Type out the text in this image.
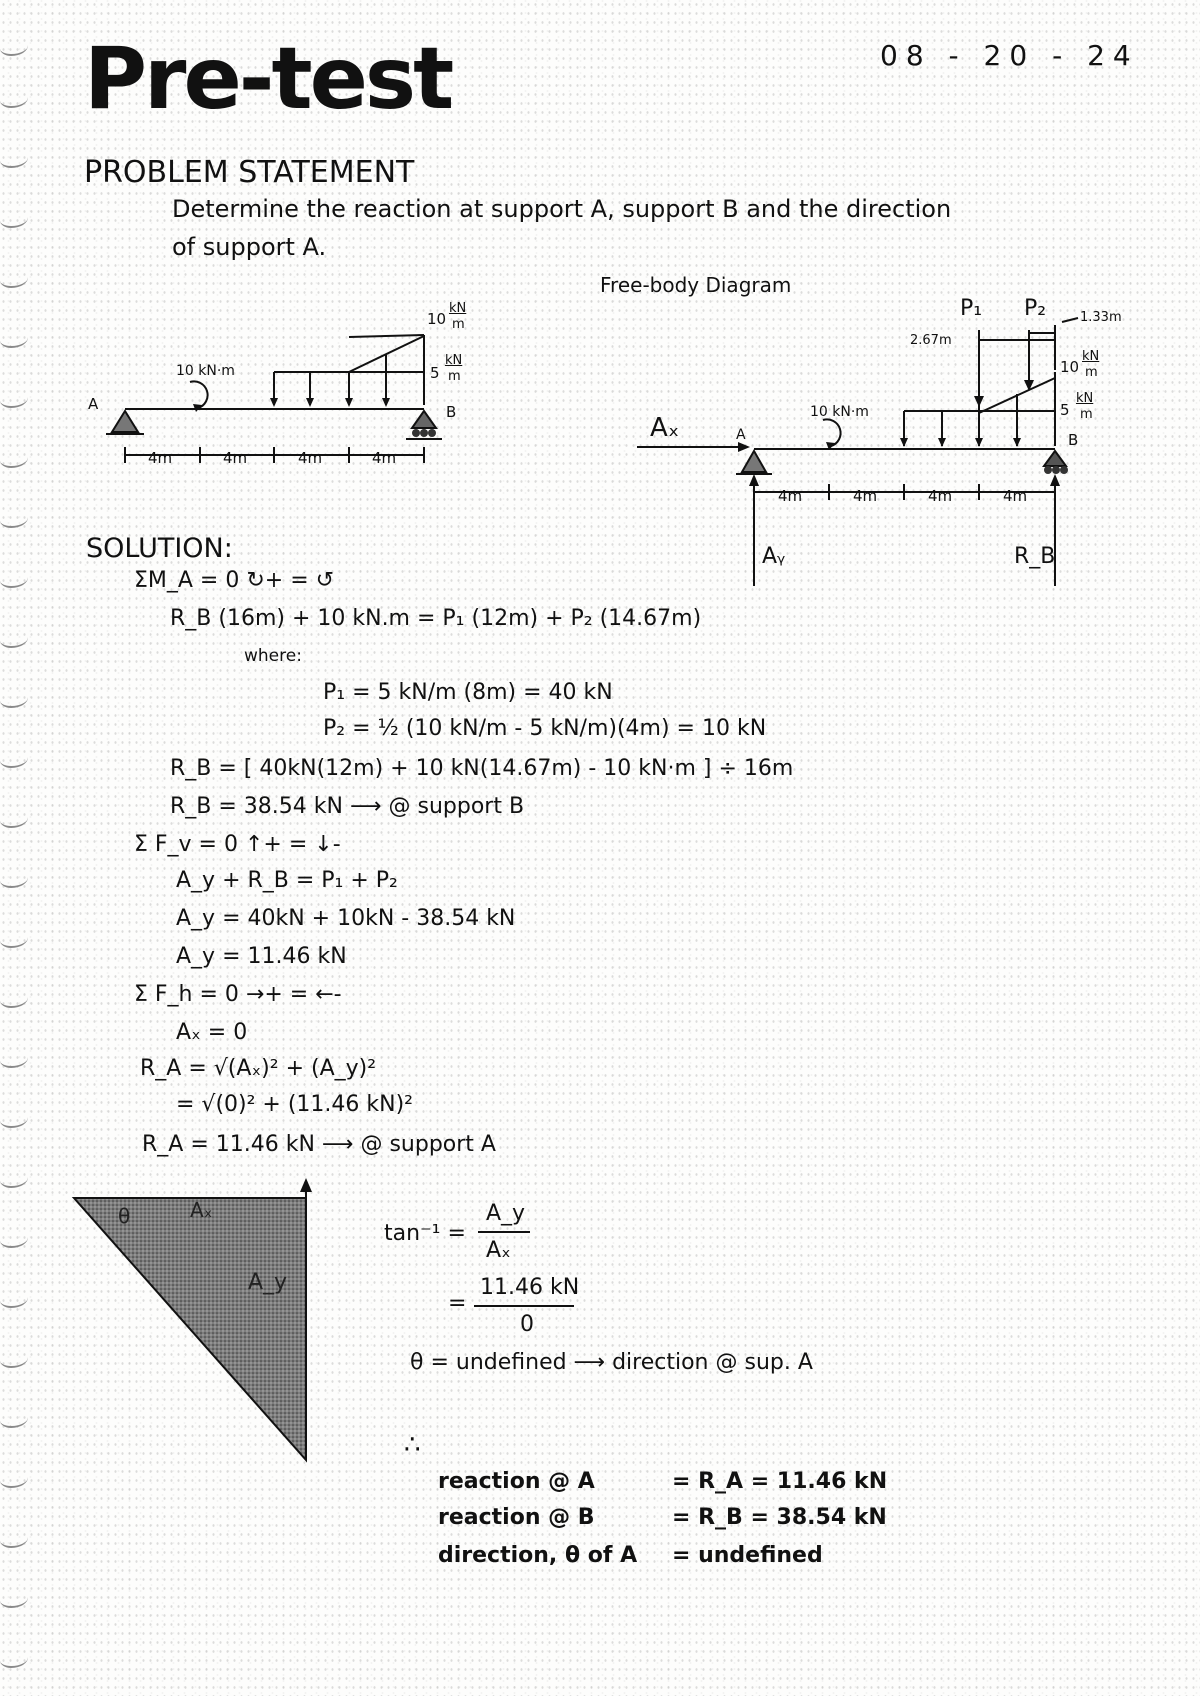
Pre-test	08 - 20 - 24
PROBLEM STATEMENT
Determine the reaction at support A, support B and the direction
of support A.
10
kN
m
5
kN
m
10 kN·m
A	B
4m	4m	4m	4m
Free-body Diagram
P₁ P₂
2.67m
1.33m
10
kN
m
5
kN
m
10 kN·m
Aₓ	A	B
Aᵧ	R_B
4m	4m	4m	4m
SOLUTION:
ΣM_A = 0 ↻+ = ↺
R_B (16m) + 10 kN.m = P₁ (12m) + P₂ (14.67m)
where:
P₁ = 5 kN/m (8m) = 40 kN
P₂ = ½ (10 kN/m - 5 kN/m)(4m) = 10 kN
R_B = [ 40kN(12m) + 10 kN(14.67m) - 10 kN·m ] ÷ 16m
R_B = 38.54 kN ⟶ @ support B
Σ F_v = 0 ↑+ = ↓-
A_y + R_B = P₁ + P₂
A_y = 40kN + 10kN - 38.54 kN
A_y = 11.46 kN
Σ F_h = 0 →+ = ←-
Aₓ = 0
R_A = √(Aₓ)² + (A_y)²
= √(0)² + (11.46 kN)²
R_A = 11.46 kN ⟶ @ support A
θ	Aₓ
A_y
tan⁻¹ =
A_y
Aₓ
=
11.46 kN
0
θ = undefined ⟶ direction @ sup. A
∴
reaction @ A	= R_A = 11.46 kN
reaction @ B	= R_B = 38.54 kN
direction, θ of A = undefined
